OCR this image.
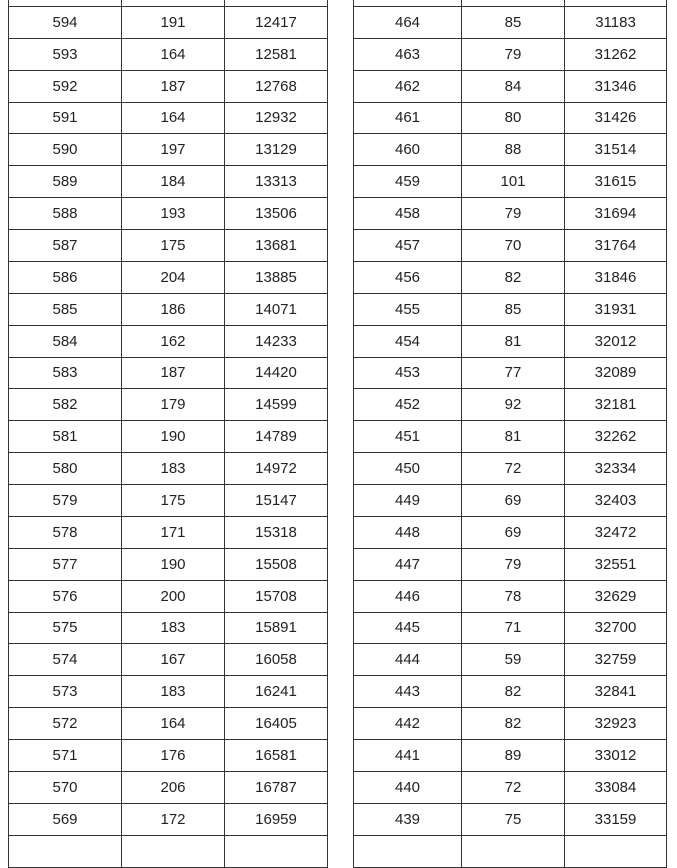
594	191	12417
593	164	12581
592	187	12768
591	164	12932
590	197	13129
589	184	13313
588	193	13506
587	175	13681
586	204	13885
585	186	14071
584	162	14233
583	187	14420
582	179	14599
581	190	14789
580	183	14972
579	175	15147
578	171	15318
577	190	15508
576	200	15708
575	183	15891
574	167	16058
573	183	16241
572	164	16405
571	176	16581
570	206	16787
569	172	16959

464	85	31183
463	79	31262
462	84	31346
461	80	31426
460	88	31514
459	101	31615
458	79	31694
457	70	31764
456	82	31846
455	85	31931
454	81	32012
453	77	32089
452	92	32181
451	81	32262
450	72	32334
449	69	32403
448	69	32472
447	79	32551
446	78	32629
445	71	32700
444	59	32759
443	82	32841
442	82	32923
441	89	33012
440	72	33084
439	75	33159
